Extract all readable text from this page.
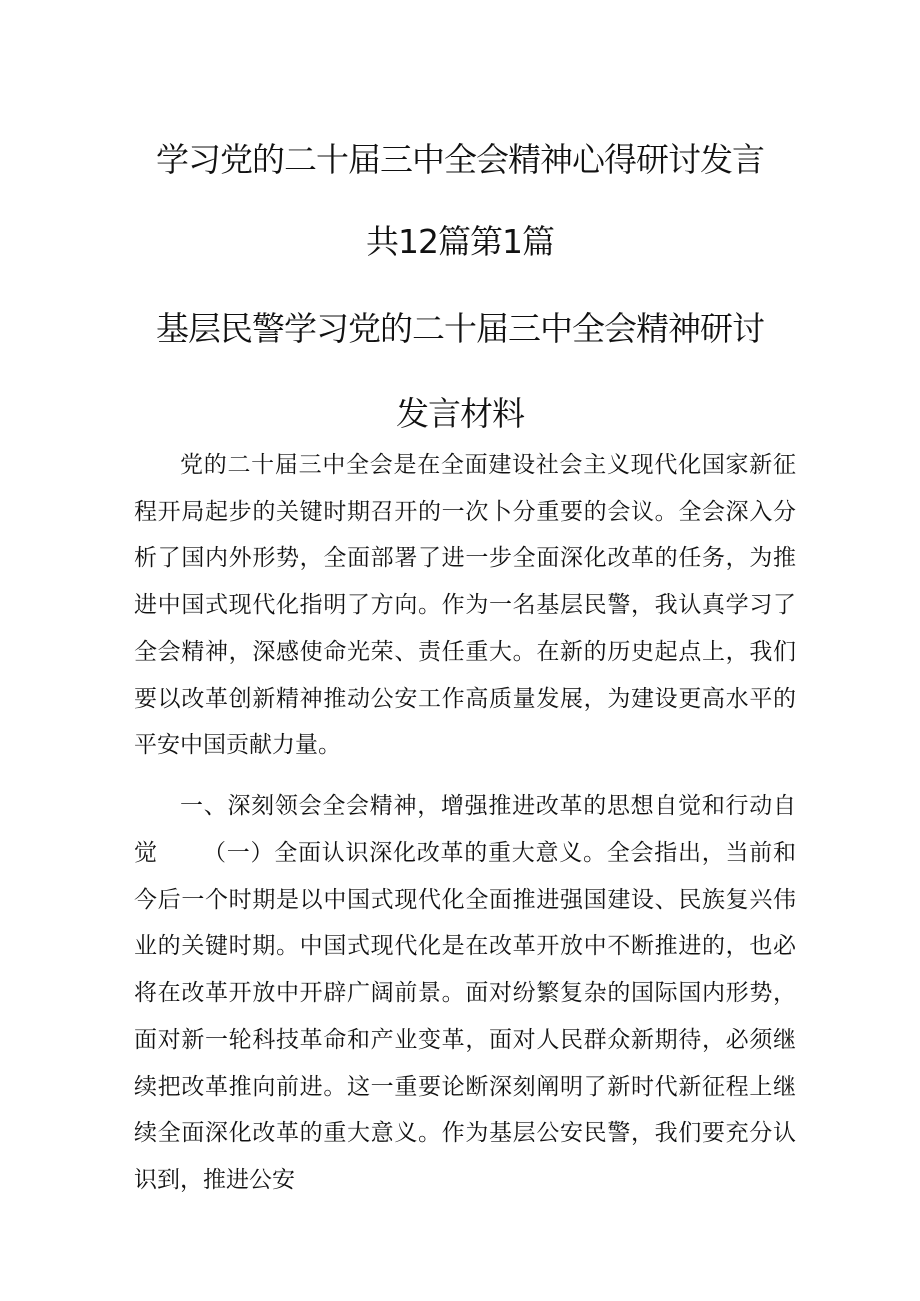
学习党的二十届三中全会精神心得研讨发言
共12篇第1篇
基层民警学习党的二十届三中全会精神研讨
发言材料

党的二十届三中全会是在全面建设社会主义现代化国家新征程开局起步的关键时期召开的一次卜分重要的会议。全会深入分析了国内外形势，全面部署了进一步全面深化改革的任务，为推进中国式现代化指明了方向。作为一名基层民警，我认真学习了全会精神，深感使命光荣、责任重大。在新的历史起点上，我们要以改革创新精神推动公安工作高质量发展，为建设更高水平的平安中国贡献力量。

一、深刻领会全会精神，增强推进改革的思想自觉和行动自觉	（一）全面认识深化改革的重大意义。全会指出，当前和今后一个时期是以中国式现代化全面推进强国建设、民族复兴伟业的关键时期。中国式现代化是在改革开放中不断推进的，也必将在改革开放中开辟广阔前景。面对纷繁复杂的国际国内形势，面对新一轮科技革命和产业变革，面对人民群众新期待，必须继续把改革推向前进。这一重要论断深刻阐明了新时代新征程上继续全面深化改革的重大意义。作为基层公安民警，我们要充分认识到，推进公安
